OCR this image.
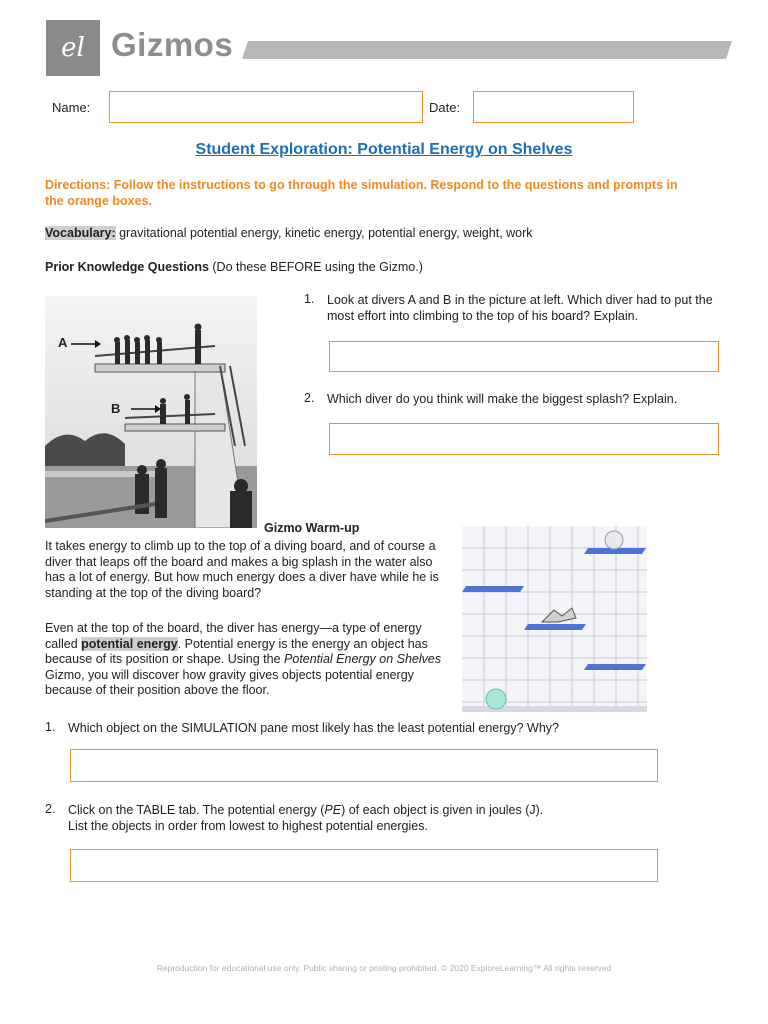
el Gizmos
Name:	Date:
Student Exploration: Potential Energy on Shelves
Directions: Follow the instructions to go through the simulation. Respond to the questions and prompts in the orange boxes.
Vocabulary: gravitational potential energy, kinetic energy, potential energy, weight, work
Prior Knowledge Questions (Do these BEFORE using the Gizmo.)
A
B
1. Look at divers A and B in the picture at left. Which diver had to put the most effort into climbing to the top of his board? Explain.
2. Which diver do you think will make the biggest splash? Explain.
Gizmo Warm-up
It takes energy to climb up to the top of a diving board, and of course a diver that leaps off the board and makes a big splash in the water also has a lot of energy. But how much energy does a diver have while he is standing at the top of the diving board?
Even at the top of the board, the diver has energy—a type of energy called potential energy. Potential energy is the energy an object has because of its position or shape. Using the Potential Energy on Shelves Gizmo, you will discover how gravity gives objects potential energy because of their position above the floor.
1. Which object on the SIMULATION pane most likely has the least potential energy? Why?
2. Click on the TABLE tab. The potential energy (PE) of each object is given in joules (J).
List the objects in order from lowest to highest potential energies.
Reproduction for educational use only. Public sharing or posting prohibited. © 2020 ExploreLearning™ All rights reserved
